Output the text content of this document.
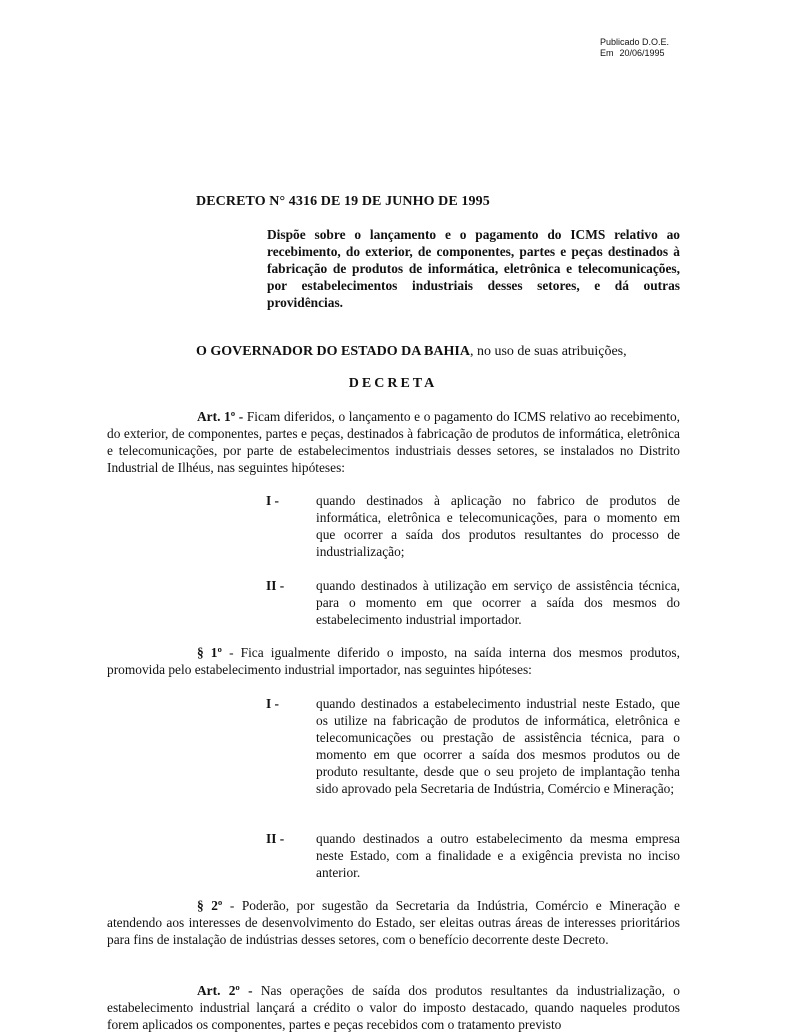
Publicado D.O.E.
Em 20/06/1995
DECRETO N° 4316 DE 19 DE JUNHO DE 1995
Dispõe sobre o lançamento e o pagamento do ICMS relativo ao recebimento, do exterior, de componentes, partes e peças destinados à fabricação de produtos de informática, eletrônica e telecomunicações, por estabelecimentos industriais desses setores, e dá outras providências.
O GOVERNADOR DO ESTADO DA BAHIA, no uso de suas atribuições,
DECRETA

Art. 1º - Ficam diferidos, o lançamento e o pagamento do ICMS relativo ao recebimento, do exterior, de componentes, partes e peças, destinados à fabricação de produtos de informática, eletrônica e telecomunicações, por parte de estabelecimentos industriais desses setores, se instalados no Distrito Industrial de Ilhéus, nas seguintes hipóteses:

I -	quando destinados à aplicação no fabrico de produtos de informática, eletrônica e telecomunicações, para o momento em que ocorrer a saída dos produtos resultantes do processo de industrialização;
II -	quando destinados à utilização em serviço de assistência técnica, para o momento em que ocorrer a saída dos mesmos do estabelecimento industrial importador.

§ 1º - Fica igualmente diferido o imposto, na saída interna dos mesmos produtos, promovida pelo estabelecimento industrial importador, nas seguintes hipóteses:

I -	quando destinados a estabelecimento industrial neste Estado, que os utilize na fabricação de produtos de informática, eletrônica e telecomunicações ou prestação de assistência técnica, para o momento em que ocorrer a saída dos mesmos produtos ou de produto resultante, desde que o seu projeto de implantação tenha sido aprovado pela Secretaria de Indústria, Comércio e Mineração;
II -	quando destinados a outro estabelecimento da mesma empresa neste Estado, com a finalidade e a exigência prevista no inciso anterior.

§ 2º - Poderão, por sugestão da Secretaria da Indústria, Comércio e Mineração e atendendo aos interesses de desenvolvimento do Estado, ser eleitas outras áreas de interesses prioritários para fins de instalação de indústrias desses setores, com o benefício decorrente deste Decreto.

Art. 2º - Nas operações de saída dos produtos resultantes da industrialização, o estabelecimento industrial lançará a crédito o valor do imposto destacado, quando naqueles produtos forem aplicados os componentes, partes e peças recebidos com o tratamento previsto
